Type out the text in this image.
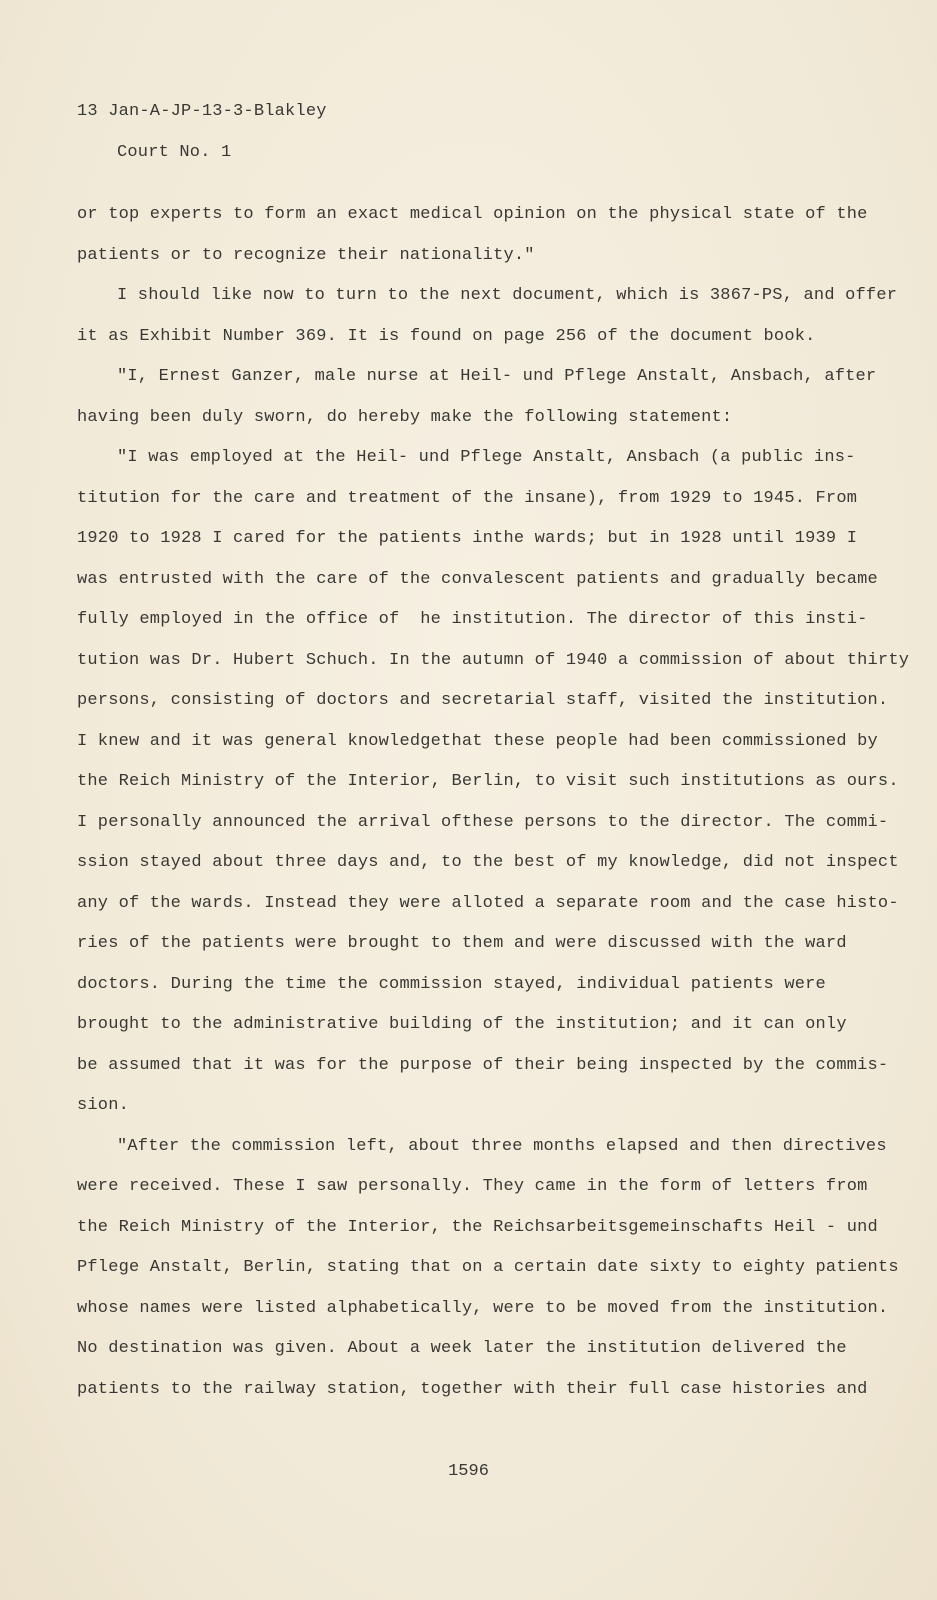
13 Jan-A-JP-13-3-Blakley
Court No. 1
or top experts to form an exact medical opinion on the physical state of the
patients or to recognize their nationality."
I should like now to turn to the next document, which is 3867-PS, and offer
it as Exhibit Number 369. It is found on page 256 of the document book.
"I, Ernest Ganzer, male nurse at Heil- und Pflege Anstalt, Ansbach, after
having been duly sworn, do hereby make the following statement:
"I was employed at the Heil- und Pflege Anstalt, Ansbach (a public ins-
titution for the care and treatment of the insane), from 1929 to 1945. From
1920 to 1928 I cared for the patients inthe wards; but in 1928 until 1939 I
was entrusted with the care of the convalescent patients and gradually became
fully employed in the office of  he institution. The director of this insti-
tution was Dr. Hubert Schuch. In the autumn of 1940 a commission of about thirty
persons, consisting of doctors and secretarial staff, visited the institution.
I knew and it was general knowledgethat these people had been commissioned by
the Reich Ministry of the Interior, Berlin, to visit such institutions as ours.
I personally announced the arrival ofthese persons to the director. The commi-
ssion stayed about three days and, to the best of my knowledge, did not inspect
any of the wards. Instead they were alloted a separate room and the case histo-
ries of the patients were brought to them and were discussed with the ward
doctors. During the time the commission stayed, individual patients were
brought to the administrative building of the institution; and it can only
be assumed that it was for the purpose of their being inspected by the commis-
sion.
"After the commission left, about three months elapsed and then directives
were received. These I saw personally. They came in the form of letters from
the Reich Ministry of the Interior, the Reichsarbeitsgemeinschafts Heil - und
Pflege Anstalt, Berlin, stating that on a certain date sixty to eighty patients
whose names were listed alphabetically, were to be moved from the institution.
No destination was given. About a week later the institution delivered the
patients to the railway station, together with their full case histories and
1596
